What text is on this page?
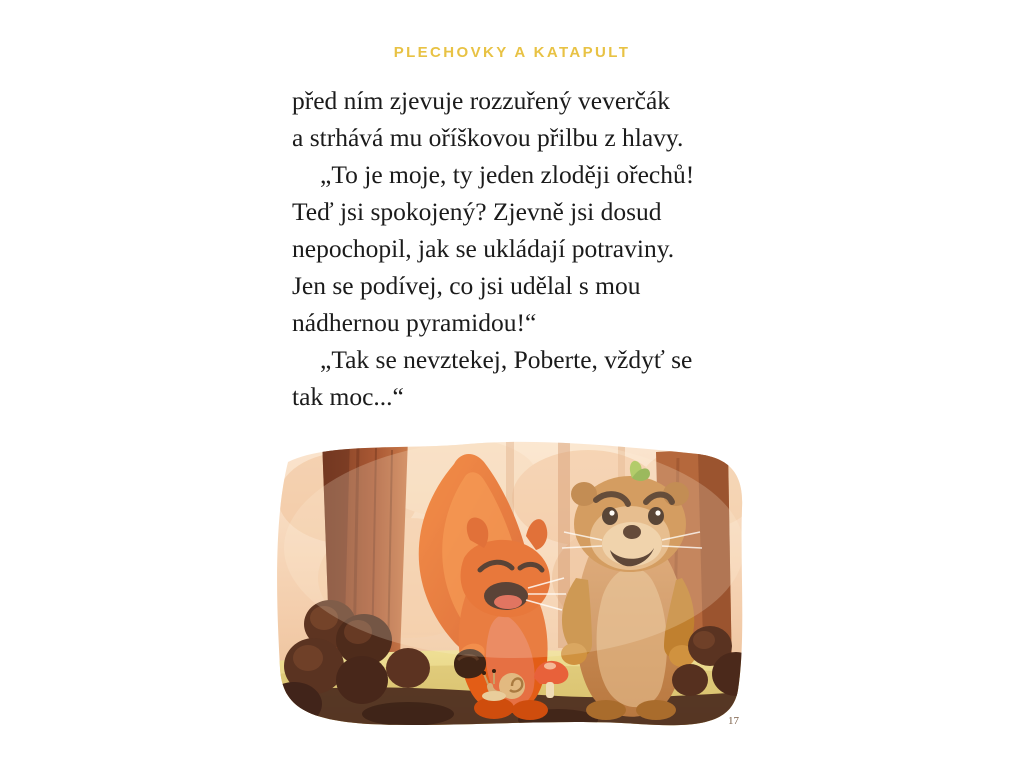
PLECHOVKY A KATAPULT

před ním zjevuje rozzuřený veverčák
a strhává mu oříškovou přilbu z hlavy.

„To je moje, ty jeden zloději ořechů!
Teď jsi spokojený? Zjevně jsi dosud
nepochopil, jak se ukládají potraviny.
Jen se podívej, co jsi udělal s mou
nádhernou pyramidou!“

„Tak se nevztekej, Poberte, vždyť se
tak moc...“

17
